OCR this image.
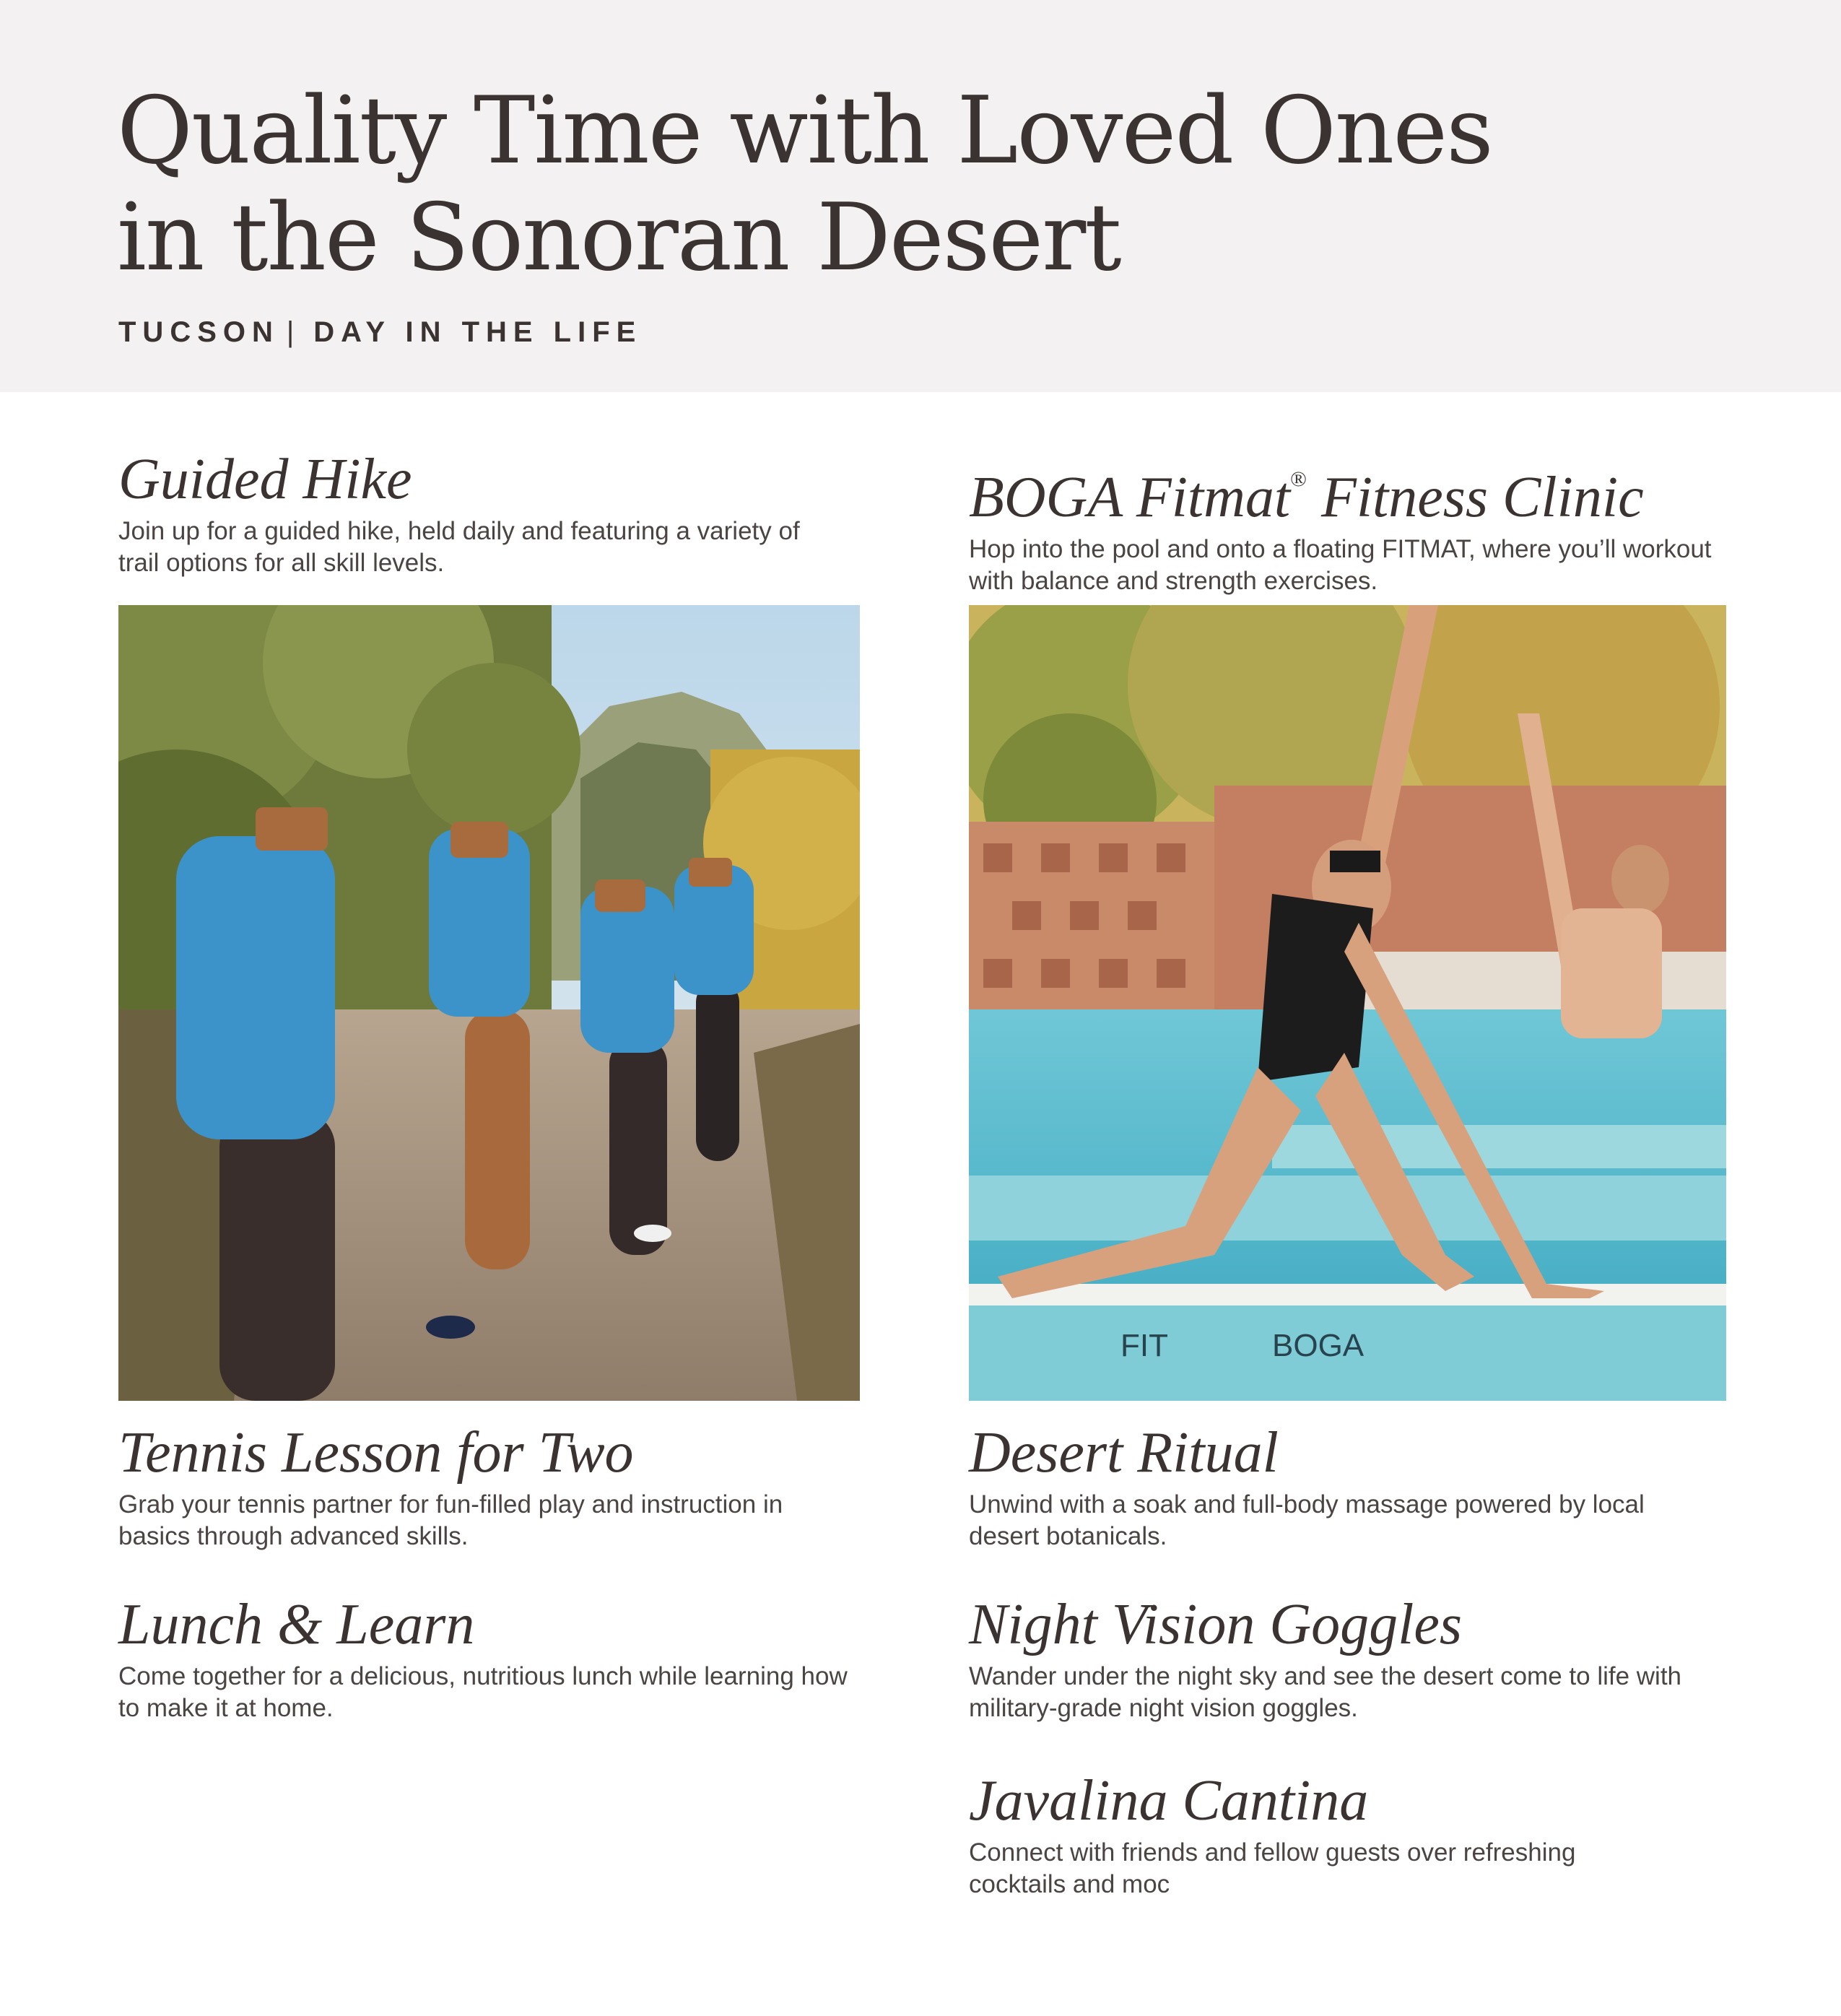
Quality Time with Loved Ones
in the Sonoran Desert
TUCSON | DAY IN THE LIFE
Guided Hike
Join up for a guided hike, held daily and featuring a variety of trail options for all skill levels.
BOGA Fitmat® Fitness Clinic
Hop into the pool and onto a floating FITMAT, where you’ll workout with balance and strength exercises.
BOGA
FIT
Tennis Lesson for Two
Grab your tennis partner for fun-filled play and instruction in basics through advanced skills.
Desert Ritual
Unwind with a soak and full-body massage powered by local desert botanicals.
Lunch & Learn
Come together for a delicious, nutritious lunch while learning how to make it at home.
Night Vision Goggles
Wander under the night sky and see the desert come to life with military-grade night vision goggles.
Javalina Cantina
Connect with friends and fellow guests over refreshing cocktails and moc
